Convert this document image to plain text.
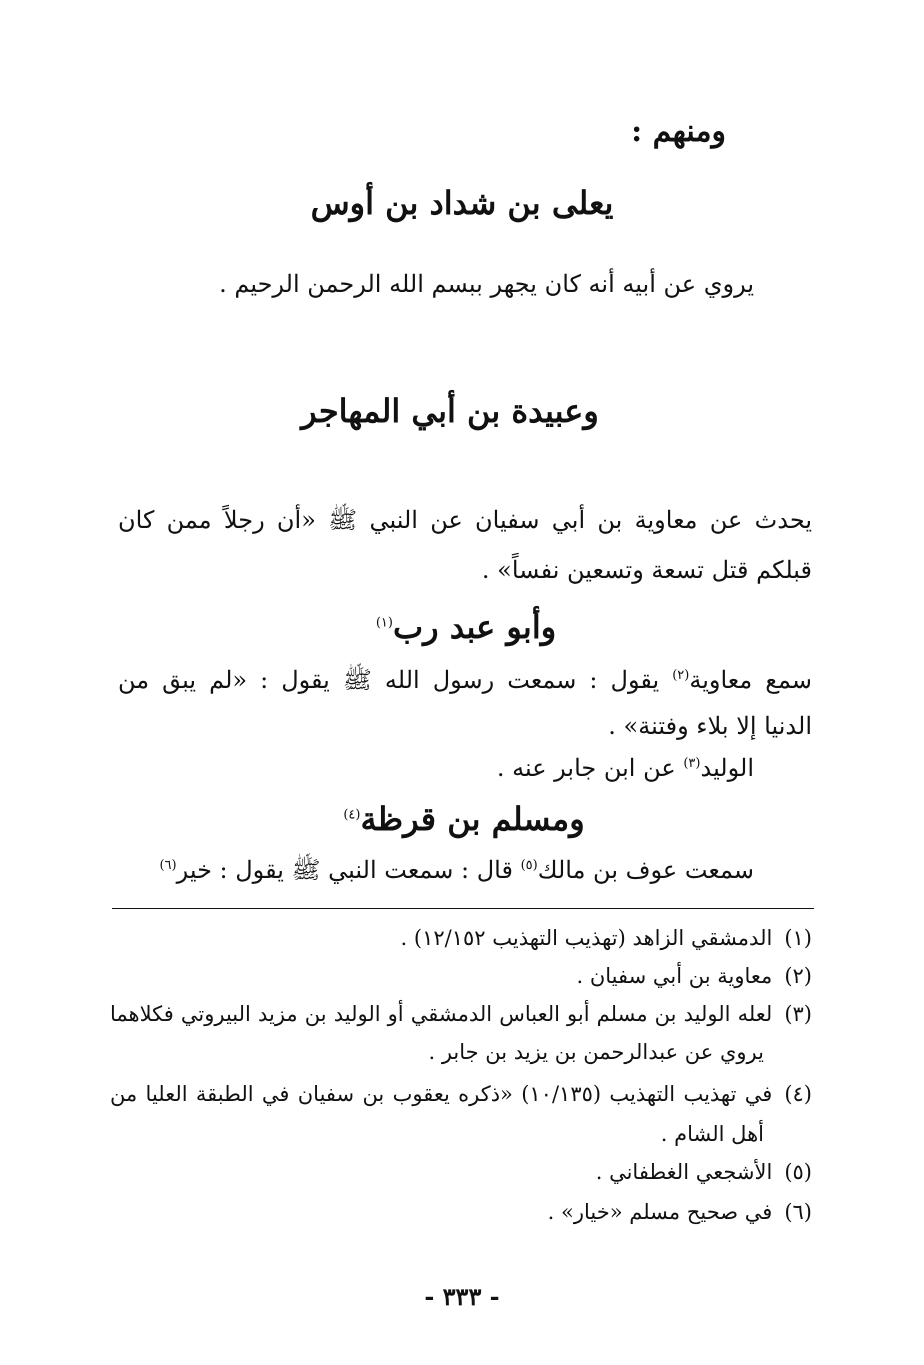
ومنهم :
يعلى بن شداد بن أوس
يروي عن أبيه أنه كان يجهر ببسم الله الرحمن الرحيم .
وعبيدة بن أبي المهاجر
يحدث عن معاوية بن أبي سفيان عن النبي ﷺ «أن رجلاً ممن كان
قبلكم قتل تسعة وتسعين نفساً» .
وأبو عبد رب$^{(١)}$
سمع معاوية$^{(٢)}$ يقول : سمعت رسول الله ﷺ يقول : «لم يبق من
الدنيا إلا بلاء وفتنة» .
الوليد$^{(٣)}$ عن ابن جابر عنه .
ومسلم بن قرظة$^{(٤)}$
سمعت عوف بن مالك$^{(٥)}$ قال : سمعت النبي ﷺ يقول : خير$^{(٦)}$
(١)الدمشقي الزاهد (تهذيب التهذيب ١٢/١٥٢) .
(٢)معاوية بن أبي سفيان .
(٣)لعله الوليد بن مسلم أبو العباس الدمشقي أو الوليد بن مزيد البيروتي فكلاهما
يروي عن عبدالرحمن بن يزيد بن جابر .
(٤)في تهذيب التهذيب (١٠/١٣٥) «ذكره يعقوب بن سفيان في الطبقة العليا من
أهل الشام .
(٥)الأشجعي الغطفاني .
(٦)في صحيح مسلم «خيار» .
- ٣٣٣ -
